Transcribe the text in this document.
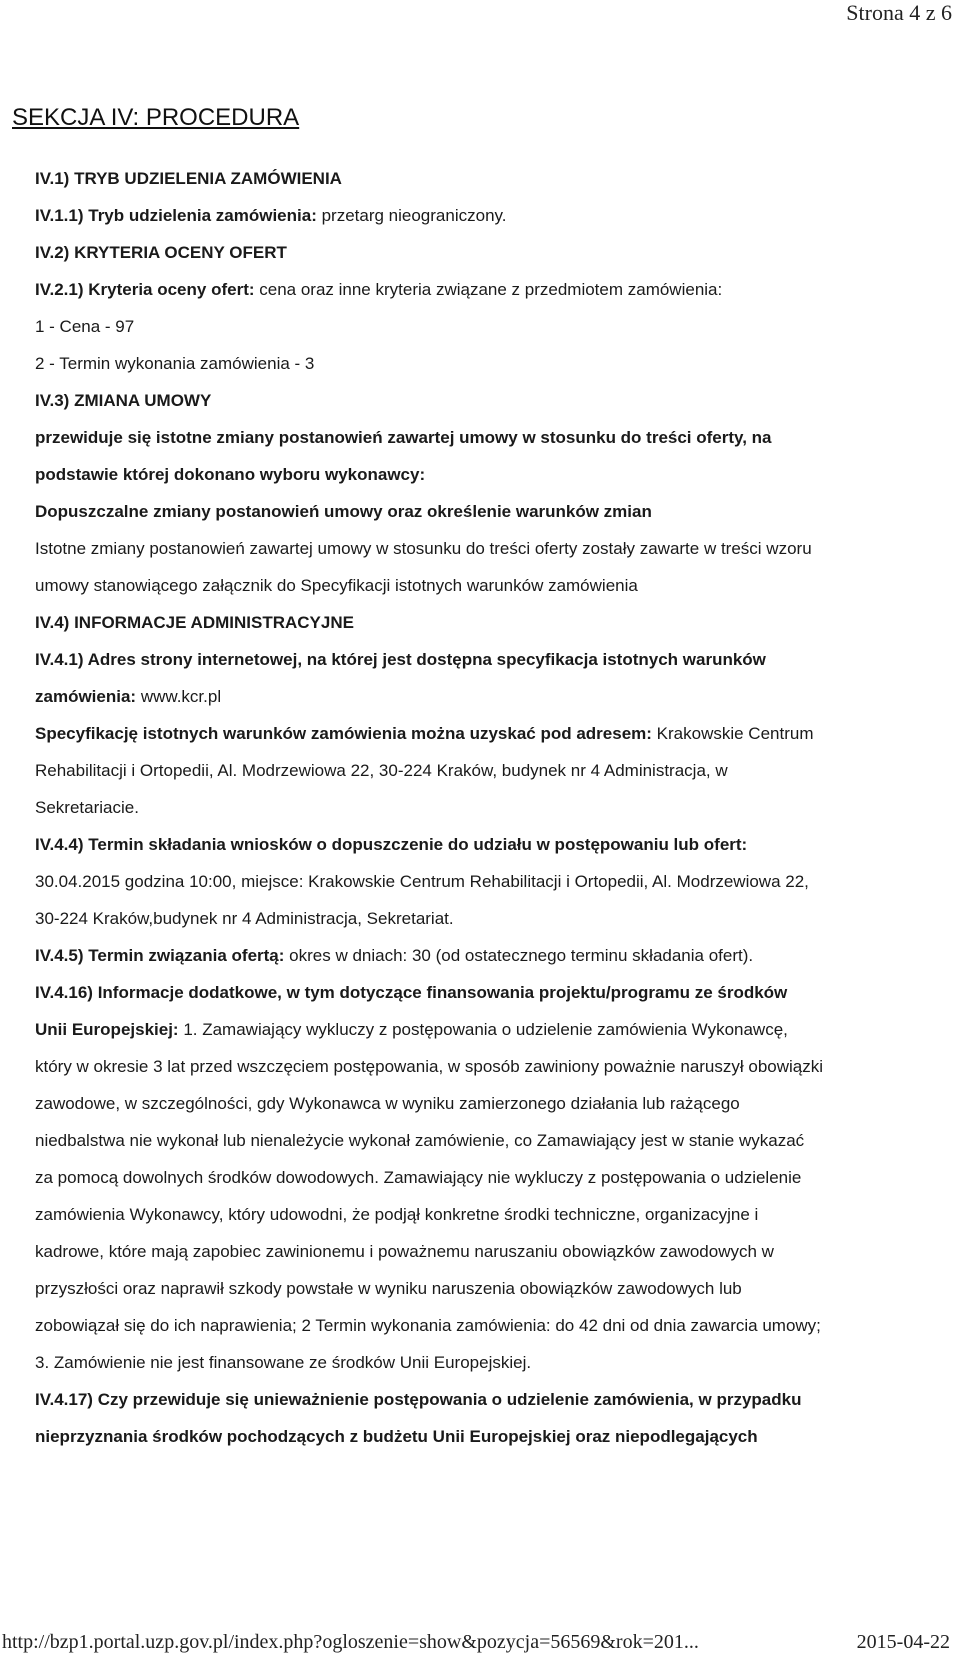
Strona 4 z 6
SEKCJA IV: PROCEDURA
IV.1) TRYB UDZIELENIA ZAMÓWIENIA
IV.1.1) Tryb udzielenia zamówienia: przetarg nieograniczony.
IV.2) KRYTERIA OCENY OFERT
IV.2.1) Kryteria oceny ofert: cena oraz inne kryteria związane z przedmiotem zamówienia:
1 - Cena - 97
2 - Termin wykonania zamówienia - 3
IV.3) ZMIANA UMOWY
przewiduje się istotne zmiany postanowień zawartej umowy w stosunku do treści oferty, na
podstawie której dokonano wyboru wykonawcy:
Dopuszczalne zmiany postanowień umowy oraz określenie warunków zmian
Istotne zmiany postanowień zawartej umowy w stosunku do treści oferty zostały zawarte w treści wzoru
umowy stanowiącego załącznik do Specyfikacji istotnych warunków zamówienia
IV.4) INFORMACJE ADMINISTRACYJNE
IV.4.1) Adres strony internetowej, na której jest dostępna specyfikacja istotnych warunków
zamówienia: www.kcr.pl
Specyfikację istotnych warunków zamówienia można uzyskać pod adresem: Krakowskie Centrum
Rehabilitacji i Ortopedii, Al. Modrzewiowa 22, 30-224 Kraków, budynek nr 4 Administracja, w
Sekretariacie.
IV.4.4) Termin składania wniosków o dopuszczenie do udziału w postępowaniu lub ofert:
30.04.2015 godzina 10:00, miejsce: Krakowskie Centrum Rehabilitacji i Ortopedii, Al. Modrzewiowa 22,
30-224 Kraków,budynek nr 4 Administracja, Sekretariat.
IV.4.5) Termin związania ofertą: okres w dniach: 30 (od ostatecznego terminu składania ofert).
IV.4.16) Informacje dodatkowe, w tym dotyczące finansowania projektu/programu ze środków
Unii Europejskiej: 1. Zamawiający wykluczy z postępowania o udzielenie zamówienia Wykonawcę,
który w okresie 3 lat przed wszczęciem postępowania, w sposób zawiniony poważnie naruszył obowiązki
zawodowe, w szczególności, gdy Wykonawca w wyniku zamierzonego działania lub rażącego
niedbalstwa nie wykonał lub nienależycie wykonał zamówienie, co Zamawiający jest w stanie wykazać
za pomocą dowolnych środków dowodowych. Zamawiający nie wykluczy z postępowania o udzielenie
zamówienia Wykonawcy, który udowodni, że podjął konkretne środki techniczne, organizacyjne i
kadrowe, które mają zapobiec zawinionemu i poważnemu naruszaniu obowiązków zawodowych w
przyszłości oraz naprawił szkody powstałe w wyniku naruszenia obowiązków zawodowych lub
zobowiązał się do ich naprawienia; 2 Termin wykonania zamówienia: do 42 dni od dnia zawarcia umowy;
3. Zamówienie nie jest finansowane ze środków Unii Europejskiej.
IV.4.17) Czy przewiduje się unieważnienie postępowania o udzielenie zamówienia, w przypadku
nieprzyznania środków pochodzących z budżetu Unii Europejskiej oraz niepodlegających
http://bzp1.portal.uzp.gov.pl/index.php?ogloszenie=show&pozycja=56569&rok=201...	2015-04-22
